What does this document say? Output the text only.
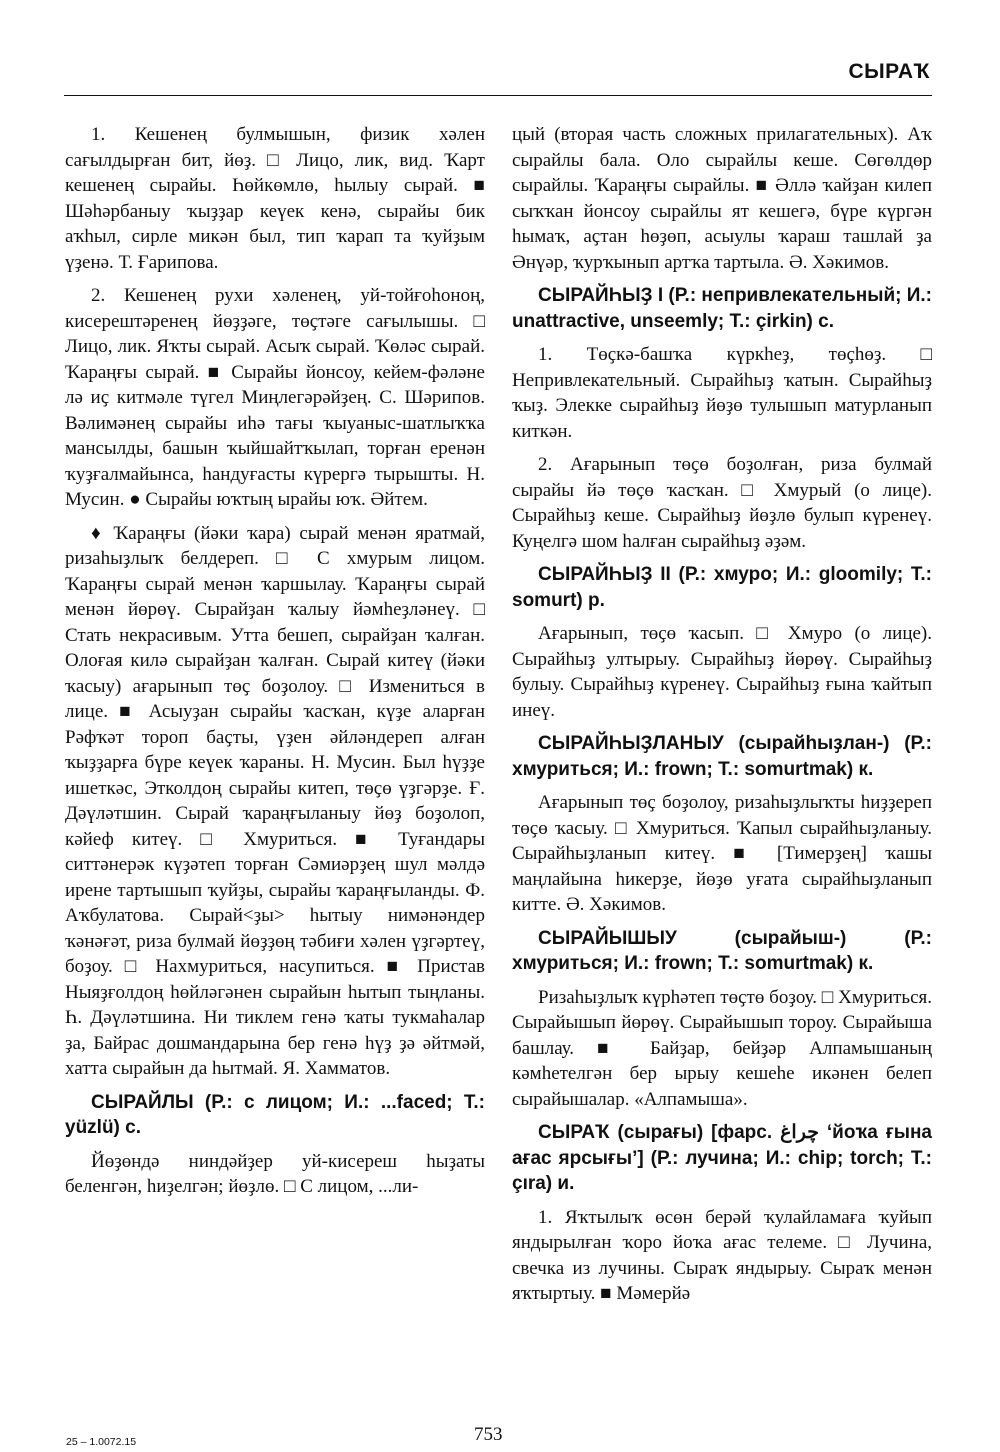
СЫРАҠ

1. Кешенең булмышын, физик хәлен сағылдырған бит, йөҙ. □ Лицо, лик, вид. Ҡарт кешенең сырайы. Һөйкөмлө, һылыу сырай. ■ Шәһәрбаныу ҡыҙҙар кеүек кенә, сырайы бик аҡһыл, сирле микән был, тип ҡарап та ҡуйҙым үҙенә. Т. Ғарипова.

2. Кешенең рухи хәленең, уй-тойғоһоноң, кисерештәренең йөҙҙәге, төҫтәге сағылышы. □ Лицо, лик. Яҡты сырай. Асыҡ сырай. Ҡөләс сырай. Ҡараңғы сырай. ■ Сырайы йонсоу, кейем-фәләне лә иҫ китмәле түгел Миңлегәрәйҙең. С. Шәрипов. Вәлимәнең сырайы иһә тағы ҡыуаныс-шатлыҡҡа мансылды, башын ҡыйшайтҡылап, торған еренән ҡуҙғалмайынса, һандуғасты күрергә тырышты. Н. Мусин. ● Сырайы юҡтың ырайы юҡ. Әйтем.

♦ Ҡараңғы (йәки ҡара) сырай менән яратмай, ризаһыҙлыҡ белдереп. □ С хмурым лицом. Ҡараңғы сырай менән ҡаршылау. Ҡараңғы сырай менән йөрөү. Сырайҙан ҡалыу йәмһеҙләнеү. □ Стать некрасивым. Утта бешеп, сырайҙан ҡалған. Олоғая килә сырайҙан ҡалған. Сырай китеү (йәки ҡасыу) ағарынып төҫ боҙолоу. □ Измениться в лице. ■ Асыуҙан сырайы ҡасҡан, күҙе аларған Рәфҡәт тороп баҫты, үҙен әйләндереп алған ҡыҙҙарға бүре кеүек ҡараны. Н. Мусин. Был һүҙҙе ишеткәс, Этколдоң сырайы китеп, төҫө үҙгәрҙе. Ғ. Дәүләтшин. Сырай ҡараңғыланыу йөҙ боҙолоп, кәйеф китеү. □ Хмуриться. ■ Туғандары ситтәнерәк күҙәтеп торған Сәмиәрҙең шул мәлдә ирене тартышып ҡуйҙы, сырайы ҡараңғыланды. Ф. Аҡбулатова. Сырай<ҙы> һытыу нимәнәндер ҡәнәғәт, риза булмай йөҙҙөң тәбиғи хәлен үҙгәртеү, боҙоу. □ Нахмуриться, насупиться. ■ Пристав Ныяҙғолдоң һөйләгәнен сырайын һытып тыңланы. Һ. Дәүләтшина. Ни тиклем генә ҡаты тукмаһалар ҙа, Байрас дошмандарына бер генә һүҙ ҙә әйтмәй, хатта сырайын да һытмай. Я. Хамматов.

СЫРАЙЛЫ (Р.: с лицом; И.: ...faced; Т.: yüzlü) с.

Йөҙөндә ниндәйҙер уй-кисереш һыҙаты беленгән, һиҙелгән; йөҙлө. □ С лицом, ...ли-

цый (вторая часть сложных прилагательных). Аҡ сырайлы бала. Оло сырайлы кеше. Сөгөлдөр сырайлы. Ҡараңғы сырайлы. ■ Әллә ҡайҙан килеп сыҡҡан йонсоу сырайлы ят кешегә, бүре күргән һымаҡ, аҫтан һөҙөп, асыулы ҡараш ташлай ҙа Әнүәр, ҡурҡынып артҡа тартыла. Ә. Хәкимов.

СЫРАЙҺЫҘ I (Р.: непривлекательный; И.: unattractive, unseemly; Т.: çirkin) с.

1. Төҫкә-башҡа күркһеҙ, төҫһөҙ. □ Непривлекательный. Сырайһыҙ ҡатын. Сырайһыҙ ҡыҙ. Элекке сырайһыҙ йөҙө тулышып матурланып киткән.

2. Ағарынып төҫө боҙолған, риза булмай сырайы йә төҫө ҡасҡан. □ Хмурый (о лице). Сырайһыҙ кеше. Сырайһыҙ йөҙлө булып күренеү. Куңелгә шом һалған сырайһыҙ әҙәм.

СЫРАЙҺЫҘ II (Р.: хмуро; И.: gloomily; Т.: somurt) р.

Ағарынып, төҫө ҡасып. □ Хмуро (о лице). Сырайһыҙ ултырыу. Сырайһыҙ йөрөү. Сырайһыҙ булыу. Сырайһыҙ күренеү. Сырайһыҙ ғына ҡайтып инеү.

СЫРАЙҺЫҘЛАНЫУ (сырайһыҙлан-) (Р.: хмуриться; И.: frown; Т.: somurtmak) к.

Ағарынып төҫ боҙолоу, ризаһыҙлыҡты һиҙҙереп төҫө ҡасыу. □ Хмуриться. Ҡапыл сырайһыҙланыу. Сырайһыҙланып китеү. ■ [Тимерҙең] ҡашы маңлайына һикерҙе, йөҙө уғата сырайһыҙланып китте. Ә. Хәкимов.

СЫРАЙЫШЫУ (сырайыш-) (Р.: хмуриться; И.: frown; Т.: somurtmak) к.

Ризаһыҙлыҡ күрһәтеп төҫтө боҙоу. □ Хмуриться. Сырайышып йөрөү. Сырайышып тороу. Сырайыша башлау. ■ Байҙар, бейҙәр Алпамышаның кәмһетелгән бер ырыу кешеһе икәнен белеп сырайышалар. «Алпамыша».

СЫРАҠ (сырағы) [фарс. چراغ ‘йоҡа ғына ағас ярсығы’] (Р.: лучина; И.: chip; torch; Т.: çıra) и.

1. Яҡтылыҡ өсөн берәй ҡулайламаға ҡуйып яндырылған ҡоро йоҡа ағас телеме. □ Лучина, свечка из лучины. Сыраҡ яндырыу. Сыраҡ менән яҡтыртыу. ■ Мәмерйә

25 – 1.0072.15	753
